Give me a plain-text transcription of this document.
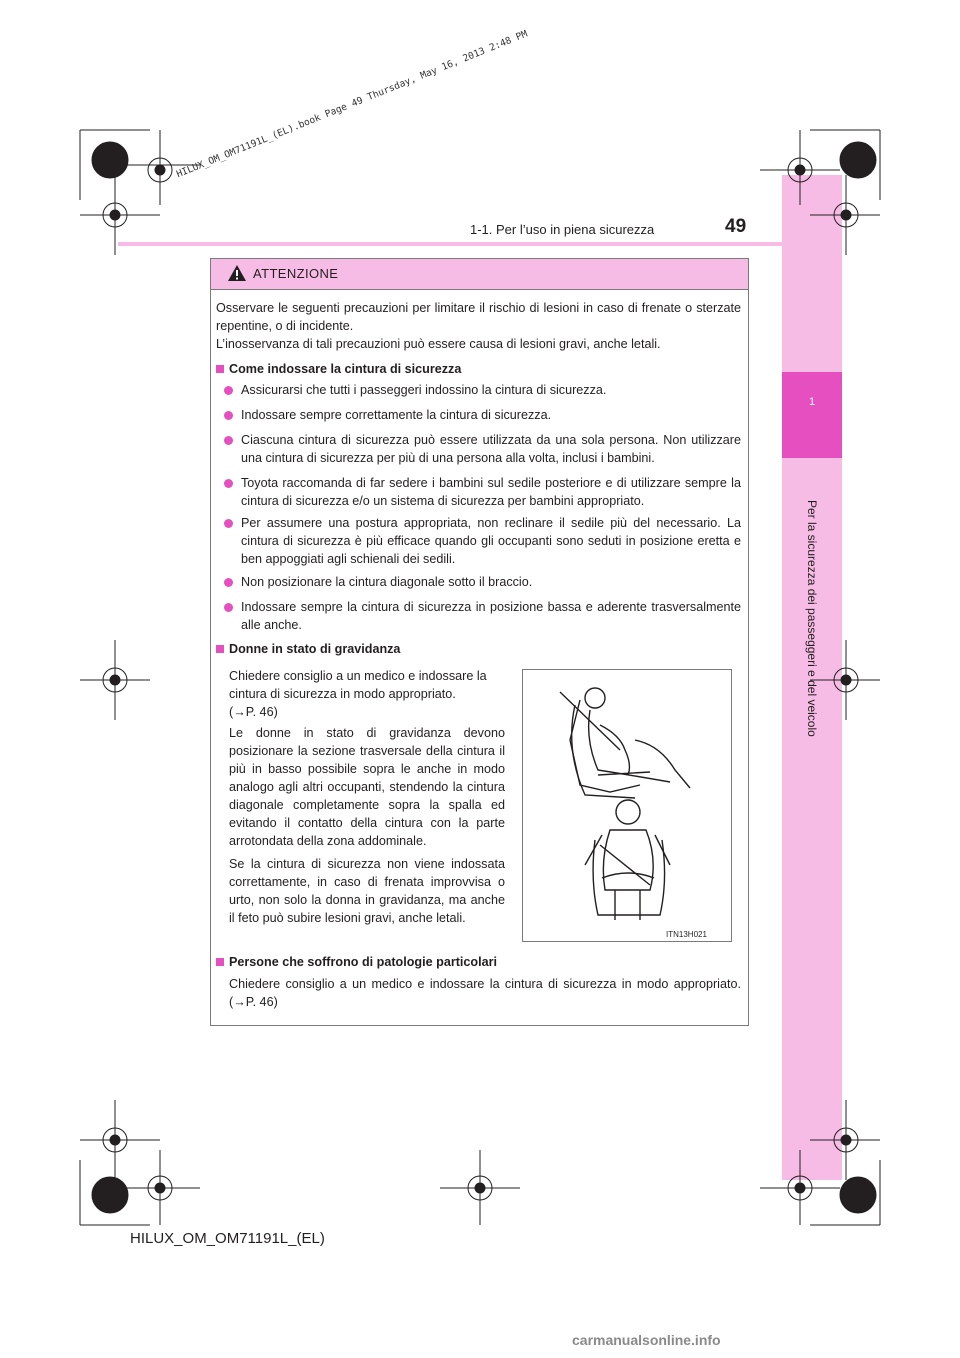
1
Per la sicurezza dei passeggeri e del veicolo
1-1. Per l’uso in piena sicurezza	49
HILUX_OM_OM71191L_(EL).book Page 49 Thursday, May 16, 2013 2:48 PM
ATTENZIONE
Osservare le seguenti precauzioni per limitare il rischio di lesioni in caso di frenate o sterzate repentine, o di incidente.
L’inosservanza di tali precauzioni può essere causa di lesioni gravi, anche letali.
Come indossare la cintura di sicurezza
Assicurarsi che tutti i passeggeri indossino la cintura di sicurezza.
Indossare sempre correttamente la cintura di sicurezza.
Ciascuna cintura di sicurezza può essere utilizzata da una sola persona. Non utilizzare una cintura di sicurezza per più di una persona alla volta, inclusi i bambini.
Toyota raccomanda di far sedere i bambini sul sedile posteriore e di utilizzare sempre la cintura di sicurezza e/o un sistema di sicurezza per bambini appropriato.
Per assumere una postura appropriata, non reclinare il sedile più del necessario. La cintura di sicurezza è più efficace quando gli occupanti sono seduti in posizione eretta e ben appoggiati agli schienali dei sedili.
Non posizionare la cintura diagonale sotto il braccio.
Indossare sempre la cintura di sicurezza in posizione bassa e aderente trasversalmente alle anche.
Donne in stato di gravidanza
Chiedere consiglio a un medico e indossare la cintura di sicurezza in modo appropriato.
(→P. 46)
Le donne in stato di gravidanza devono posizionare la sezione trasversale della cintura il più in basso possibile sopra le anche in modo analogo agli altri occupanti, stendendo la cintura diagonale completamente sopra la spalla ed evitando il contatto della cintura con la parte arrotondata della zona addominale.
Se la cintura di sicurezza non viene indossata correttamente, in caso di frenata improvvisa o urto, non solo la donna in gravidanza, ma anche il feto può subire lesioni gravi, anche letali.
ITN13H021
Persone che soffrono di patologie particolari
Chiedere consiglio a un medico e indossare la cintura di sicurezza in modo appropriato. (→P. 46)
HILUX_OM_OM71191L_(EL)
carmanualsonline.info
